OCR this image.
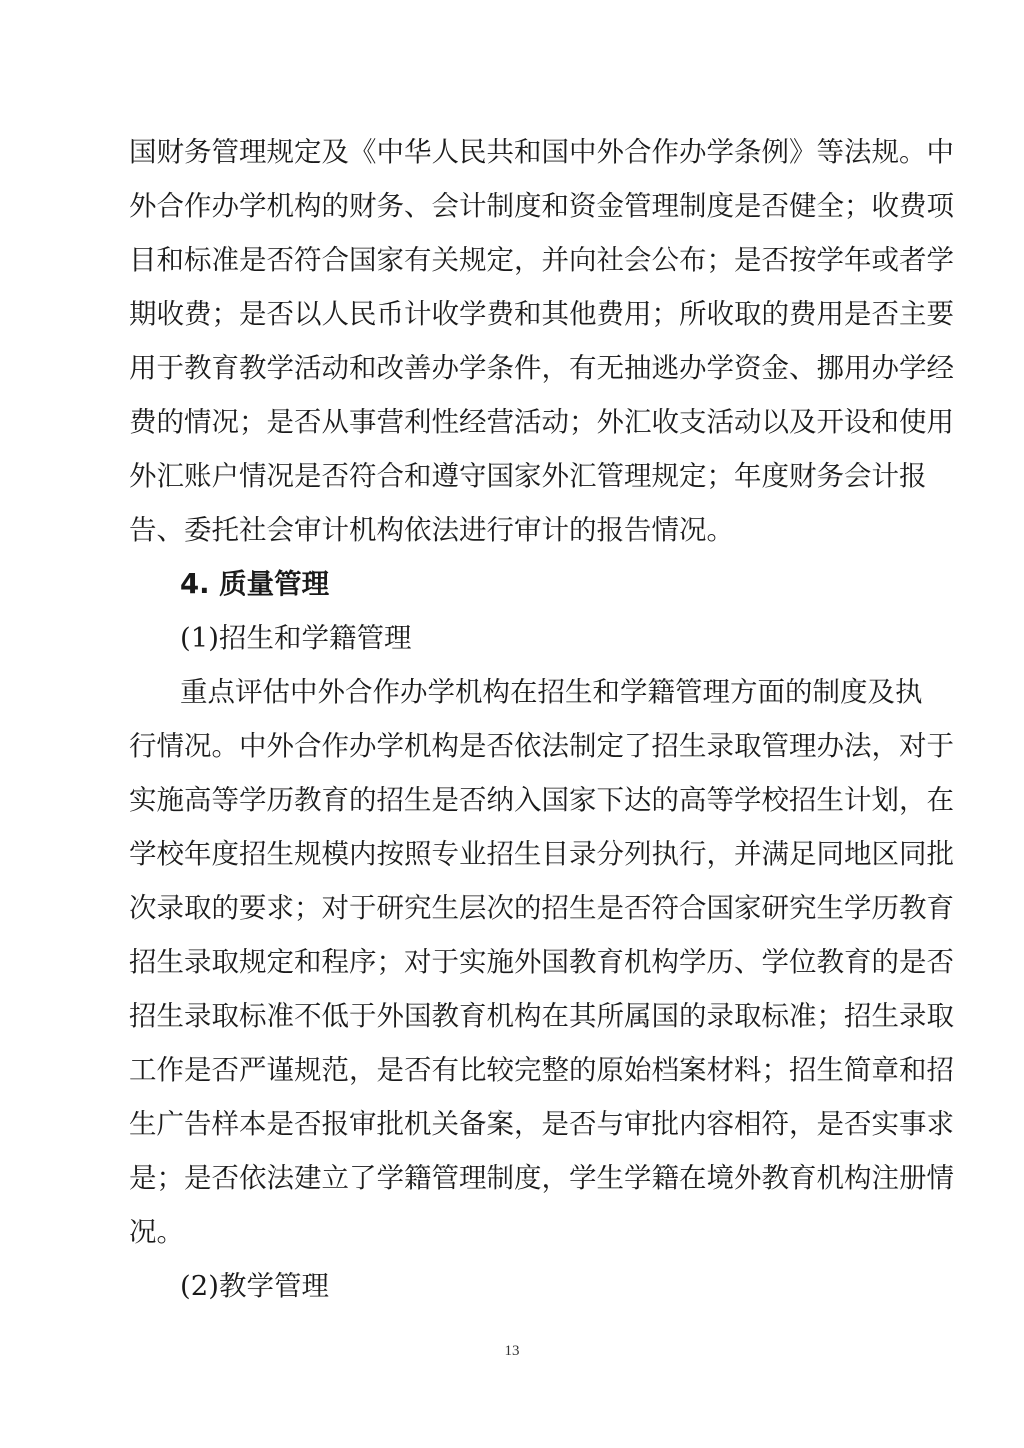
国财务管理规定及《中华人民共和国中外合作办学条例》等法规。中
外合作办学机构的财务、会计制度和资金管理制度是否健全；收费项
目和标准是否符合国家有关规定，并向社会公布；是否按学年或者学
期收费；是否以人民币计收学费和其他费用；所收取的费用是否主要
用于教育教学活动和改善办学条件，有无抽逃办学资金、挪用办学经
费的情况；是否从事营利性经营活动；外汇收支活动以及开设和使用
外汇账户情况是否符合和遵守国家外汇管理规定；年度财务会计报
告、委托社会审计机构依法进行审计的报告情况。
4. 质量管理
(1)招生和学籍管理
重点评估中外合作办学机构在招生和学籍管理方面的制度及执
行情况。中外合作办学机构是否依法制定了招生录取管理办法，对于
实施高等学历教育的招生是否纳入国家下达的高等学校招生计划，在
学校年度招生规模内按照专业招生目录分列执行，并满足同地区同批
次录取的要求；对于研究生层次的招生是否符合国家研究生学历教育
招生录取规定和程序；对于实施外国教育机构学历、学位教育的是否
招生录取标准不低于外国教育机构在其所属国的录取标准；招生录取
工作是否严谨规范，是否有比较完整的原始档案材料；招生简章和招
生广告样本是否报审批机关备案，是否与审批内容相符，是否实事求
是；是否依法建立了学籍管理制度，学生学籍在境外教育机构注册情
况。
(2)教学管理
13
